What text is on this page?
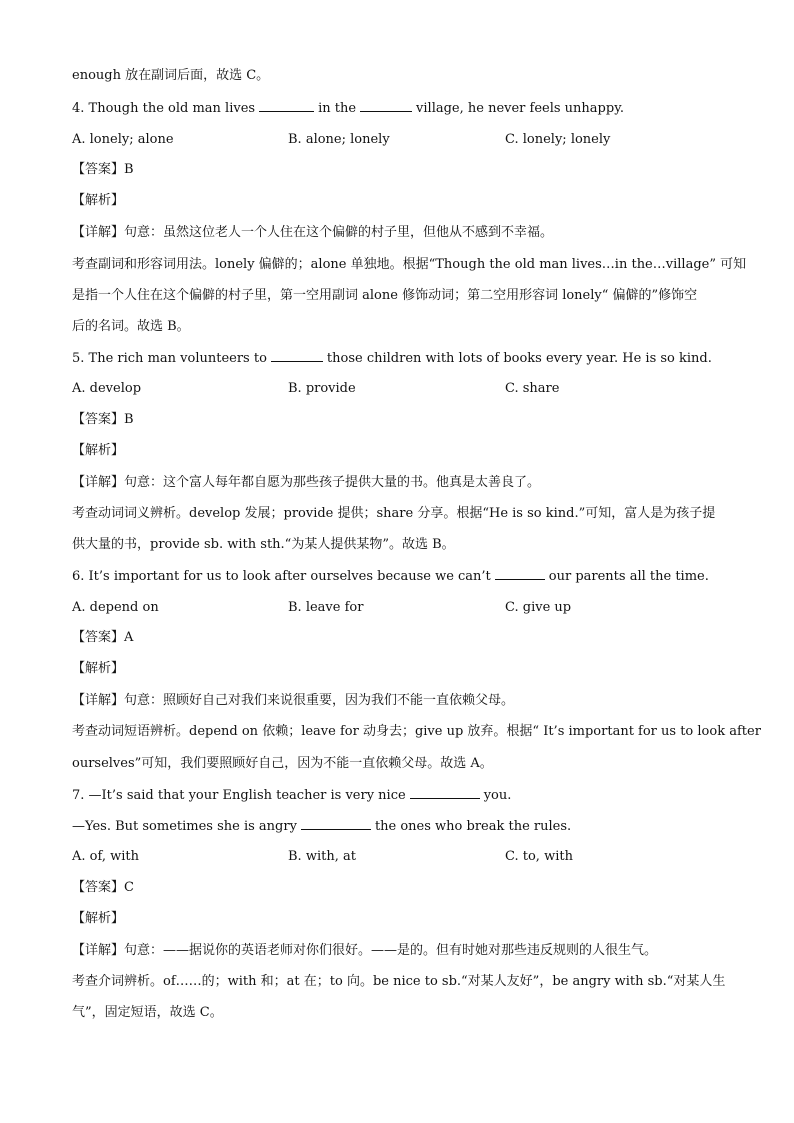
enough 放在副词后面，故选 C。
4. Though the old man lives	in the	village, he never feels unhappy.
A. lonely; alone	B. alone; lonely	C. lonely; lonely
【答案】B
【解析】
【详解】句意：虽然这位老人一个人住在这个偏僻的村子里，但他从不感到不幸福。
考查副词和形容词用法。lonely 偏僻的；alone 单独地。根据“Though the old man lives…in the…village” 可知
是指一个人住在这个偏僻的村子里，第一空用副词 alone 修饰动词；第二空用形容词 lonely“ 偏僻的”修饰空
后的名词。故选 B。
5. The rich man volunteers to	those children with lots of books every year. He is so kind.
A. develop	B. provide	C. share
【答案】B
【解析】
【详解】句意：这个富人每年都自愿为那些孩子提供大量的书。他真是太善良了。
考查动词词义辨析。develop 发展；provide 提供；share 分享。根据“He is so kind.”可知，富人是为孩子提
供大量的书，provide sb. with sth.“为某人提供某物”。故选 B。
6. It’s important for us to look after ourselves because we can’t	our parents all the time.
A. depend on	B. leave for	C. give up
【答案】A
【解析】
【详解】句意：照顾好自己对我们来说很重要，因为我们不能一直依赖父母。
考查动词短语辨析。depend on 依赖；leave for 动身去；give up 放弃。根据“ It’s important for us to look after
ourselves”可知，我们要照顾好自己，因为不能一直依赖父母。故选 A。
7. —It’s said that your English teacher is very nice	you.
—Yes. But sometimes she is angry	the ones who break the rules.
A. of, with	B. with, at	C. to, with
【答案】C
【解析】
【详解】句意：——据说你的英语老师对你们很好。——是的。但有时她对那些违反规则的人很生气。
考查介词辨析。of……的；with 和；at 在；to 向。be nice to sb.“对某人友好”，be angry with sb.“对某人生
气”，固定短语，故选 C。
